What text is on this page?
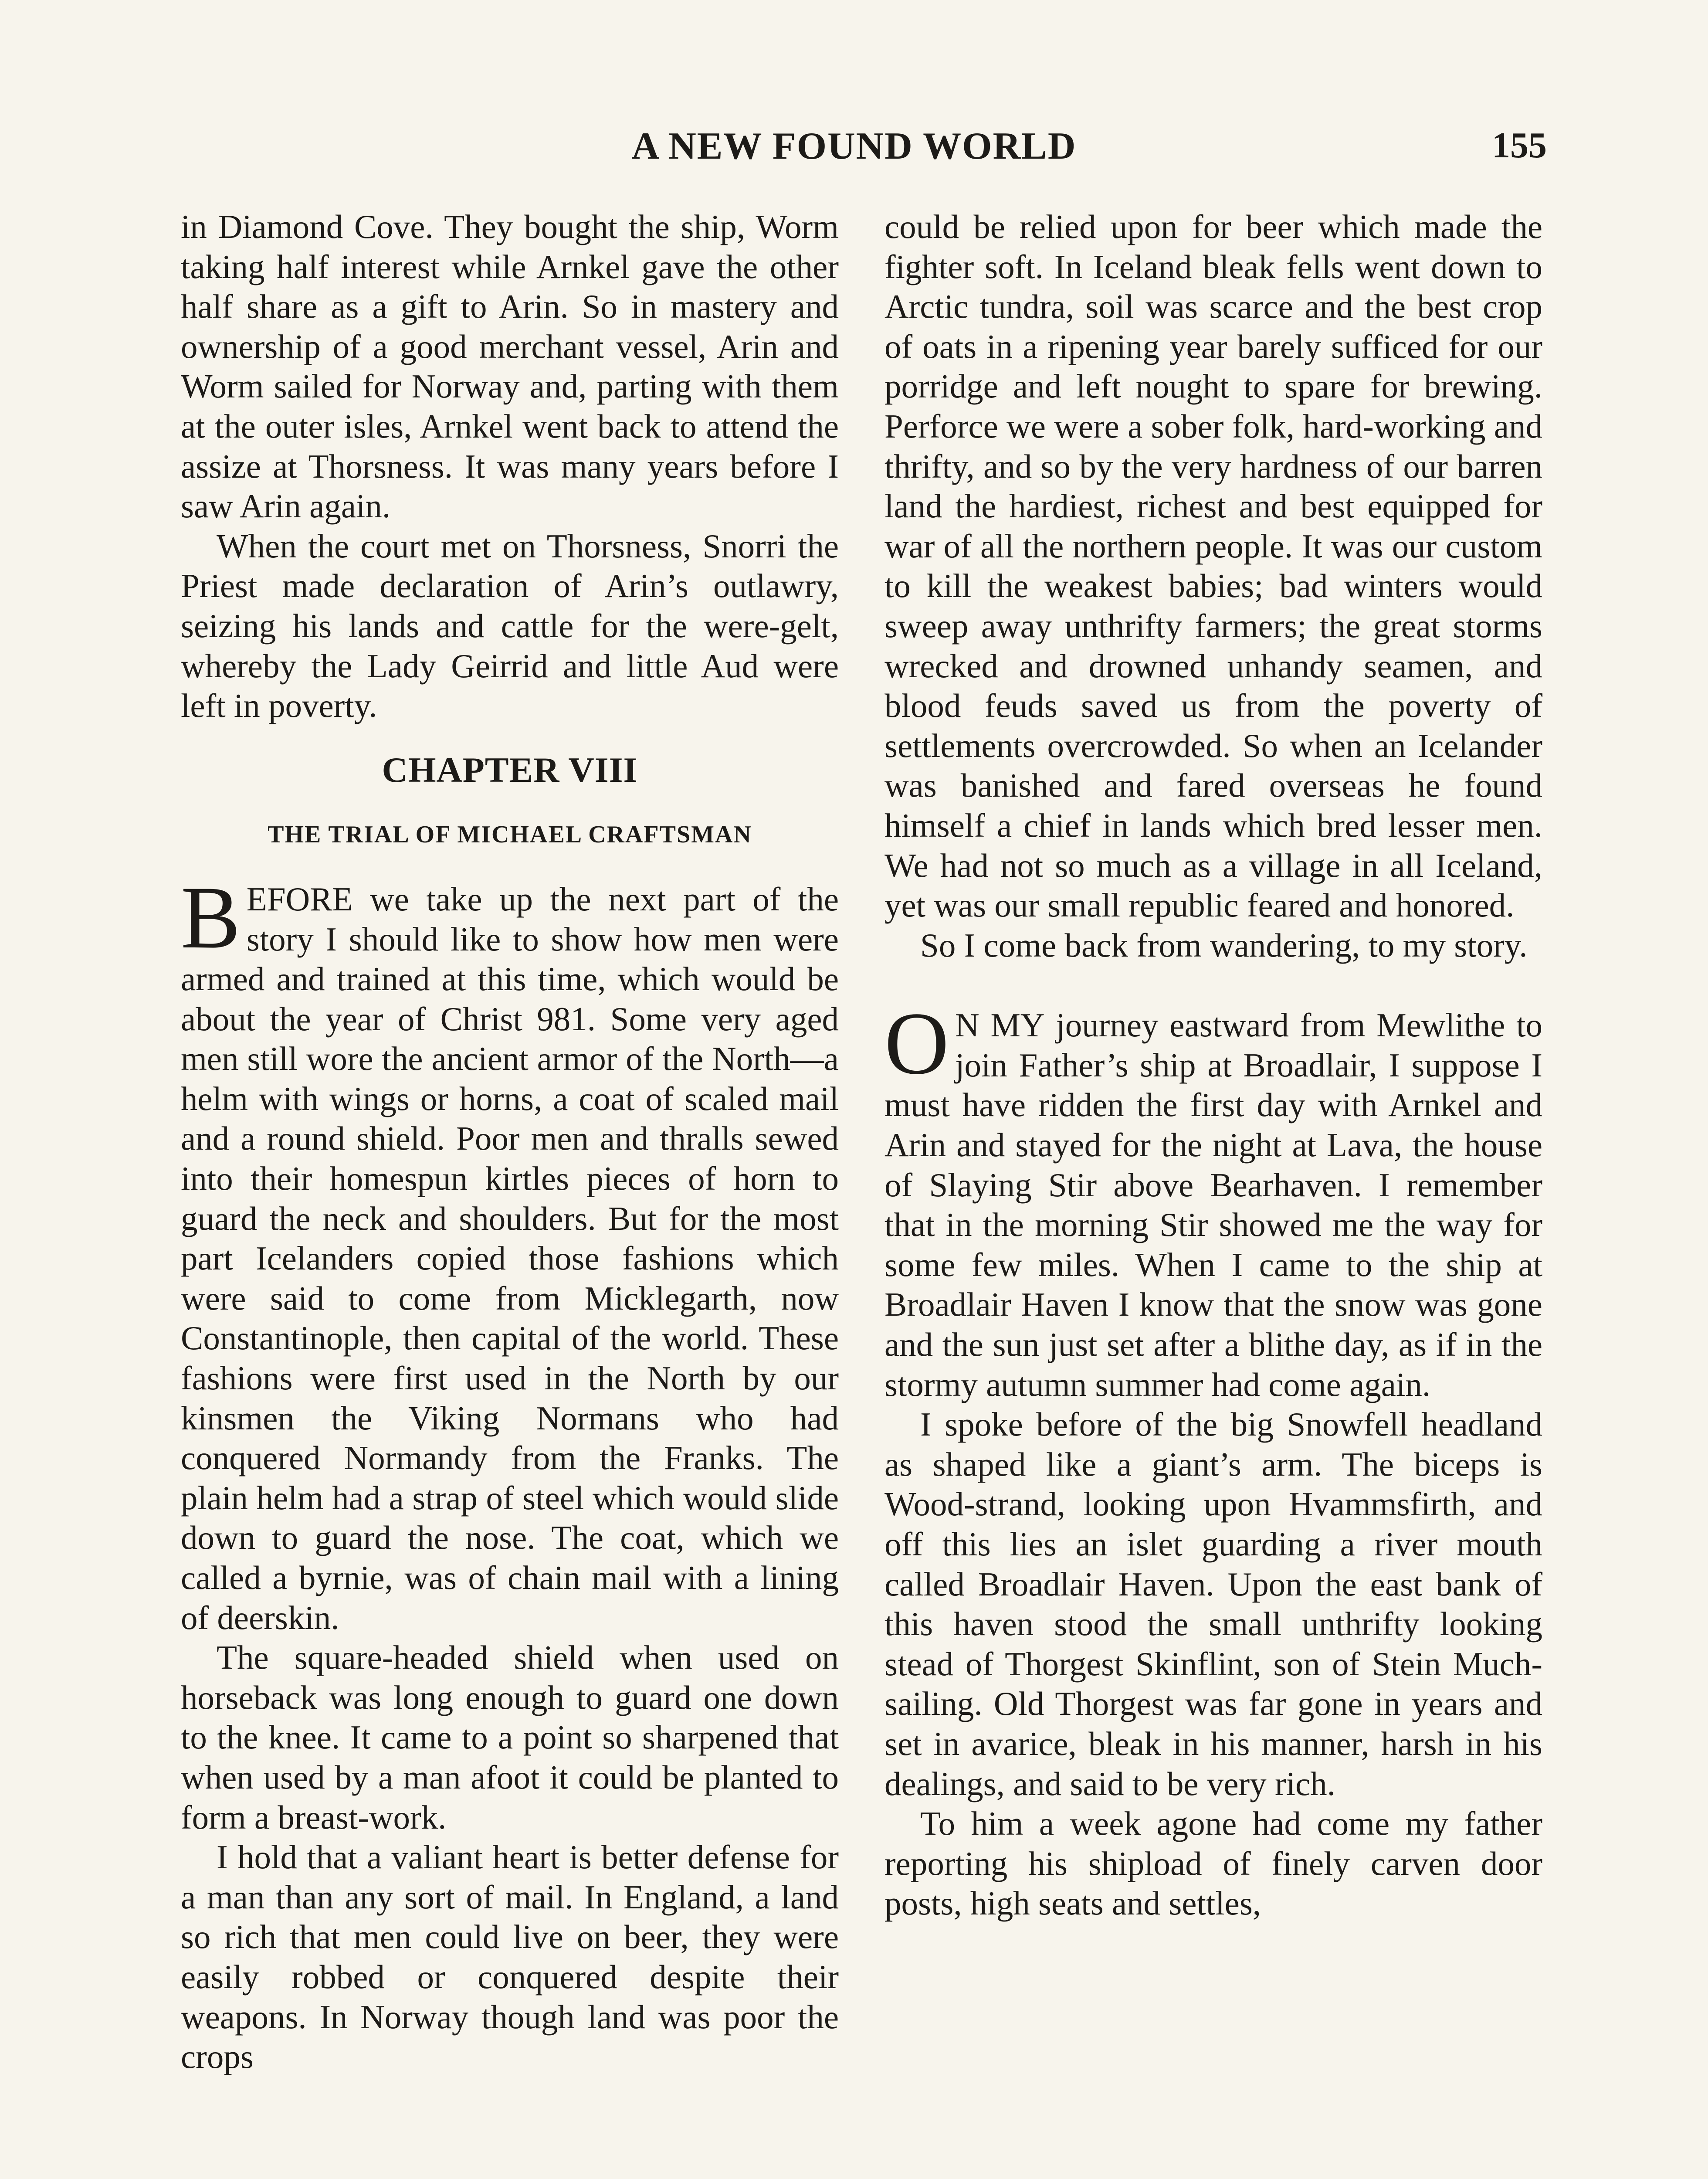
A NEW FOUND WORLD	155

in Diamond Cove. They bought the ship, Worm taking half interest while Arnkel gave the other half share as a gift to Arin. So in mastery and ownership of a good merchant vessel, Arin and Worm sailed for Norway and, parting with them at the outer isles, Arnkel went back to attend the assize at Thorsness. It was many years before I saw Arin again.

When the court met on Thorsness, Snorri the Priest made declaration of Arin’s outlawry, seizing his lands and cattle for the were-gelt, whereby the Lady Geirrid and little Aud were left in poverty.

CHAPTER VIII
THE TRIAL OF MICHAEL CRAFTSMAN

BEFORE we take up the next part of the story I should like to show how men were armed and trained at this time, which would be about the year of Christ 981. Some very aged men still wore the ancient armor of the North—a helm with wings or horns, a coat of scaled mail and a round shield. Poor men and thralls sewed into their homespun kirtles pieces of horn to guard the neck and shoulders. But for the most part Icelanders copied those fashions which were said to come from Micklegarth, now Constantinople, then capital of the world. These fashions were first used in the North by our kinsmen the Viking Normans who had conquered Normandy from the Franks. The plain helm had a strap of steel which would slide down to guard the nose. The coat, which we called a byrnie, was of chain mail with a lining of deerskin.

The square-headed shield when used on horseback was long enough to guard one down to the knee. It came to a point so sharpened that when used by a man afoot it could be planted to form a breast-work.

I hold that a valiant heart is better defense for a man than any sort of mail. In England, a land so rich that men could live on beer, they were easily robbed or conquered despite their weapons. In Norway though land was poor the crops

could be relied upon for beer which made the fighter soft. In Iceland bleak fells went down to Arctic tundra, soil was scarce and the best crop of oats in a ripening year barely sufficed for our porridge and left nought to spare for brewing. Perforce we were a sober folk, hard-working and thrifty, and so by the very hardness of our barren land the hardiest, richest and best equipped for war of all the northern people. It was our custom to kill the weakest babies; bad winters would sweep away unthrifty farmers; the great storms wrecked and drowned unhandy seamen, and blood feuds saved us from the poverty of settlements overcrowded. So when an Icelander was banished and fared overseas he found himself a chief in lands which bred lesser men. We had not so much as a village in all Iceland, yet was our small republic feared and honored.

So I come back from wandering, to my story.

O N MY journey eastward from Mewlithe to join Father’s ship at Broadlair, I suppose I must have ridden the first day with Arnkel and Arin and stayed for the night at Lava, the house of Slaying Stir above Bearhaven. I remember that in the morning Stir showed me the way for some few miles. When I came to the ship at Broadlair Haven I know that the snow was gone and the sun just set after a blithe day, as if in the stormy autumn summer had come again.

I spoke before of the big Snowfell headland as shaped like a giant’s arm. The biceps is Wood-strand, looking upon Hvammsfirth, and off this lies an islet guarding a river mouth called Broadlair Haven. Upon the east bank of this haven stood the small unthrifty looking stead of Thorgest Skinflint, son of Stein Much-sailing. Old Thorgest was far gone in years and set in avarice, bleak in his manner, harsh in his dealings, and said to be very rich.

To him a week agone had come my father reporting his shipload of finely carven door posts, high seats and settles,
